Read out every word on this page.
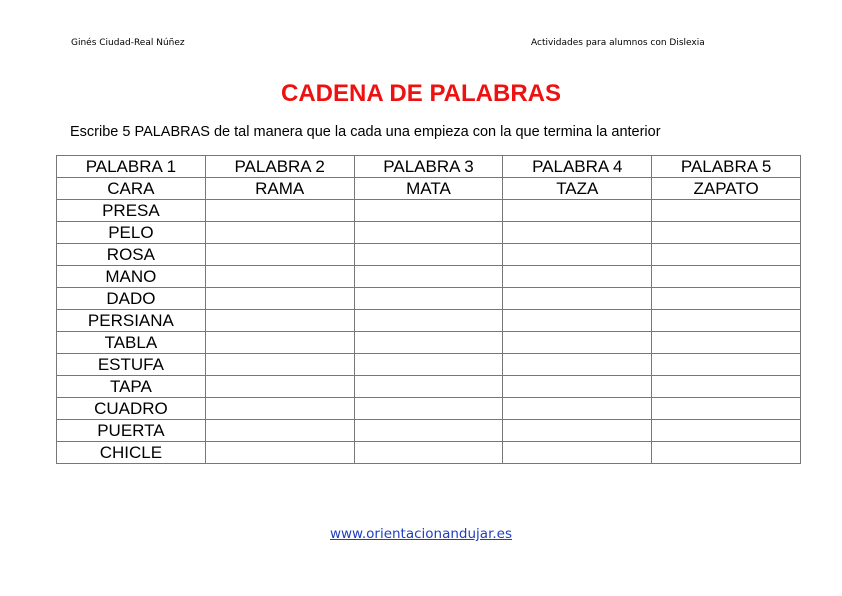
Ginés Ciudad-Real Núñez	Actividades para alumnos con Dislexia
CADENA DE PALABRAS
Escribe 5 PALABRAS de tal manera que la cada una empieza con la que termina la anterior
PALABRA 1	PALABRA 2	PALABRA 3	PALABRA 4	PALABRA 5
CARA	RAMA	MATA	TAZA	ZAPATO
PRESA				
PELO				
ROSA				
MANO				
DADO				
PERSIANA				
TABLA				
ESTUFA				
TAPA				
CUADRO				
PUERTA				
CHICLE				
www.orientacionandujar.es
